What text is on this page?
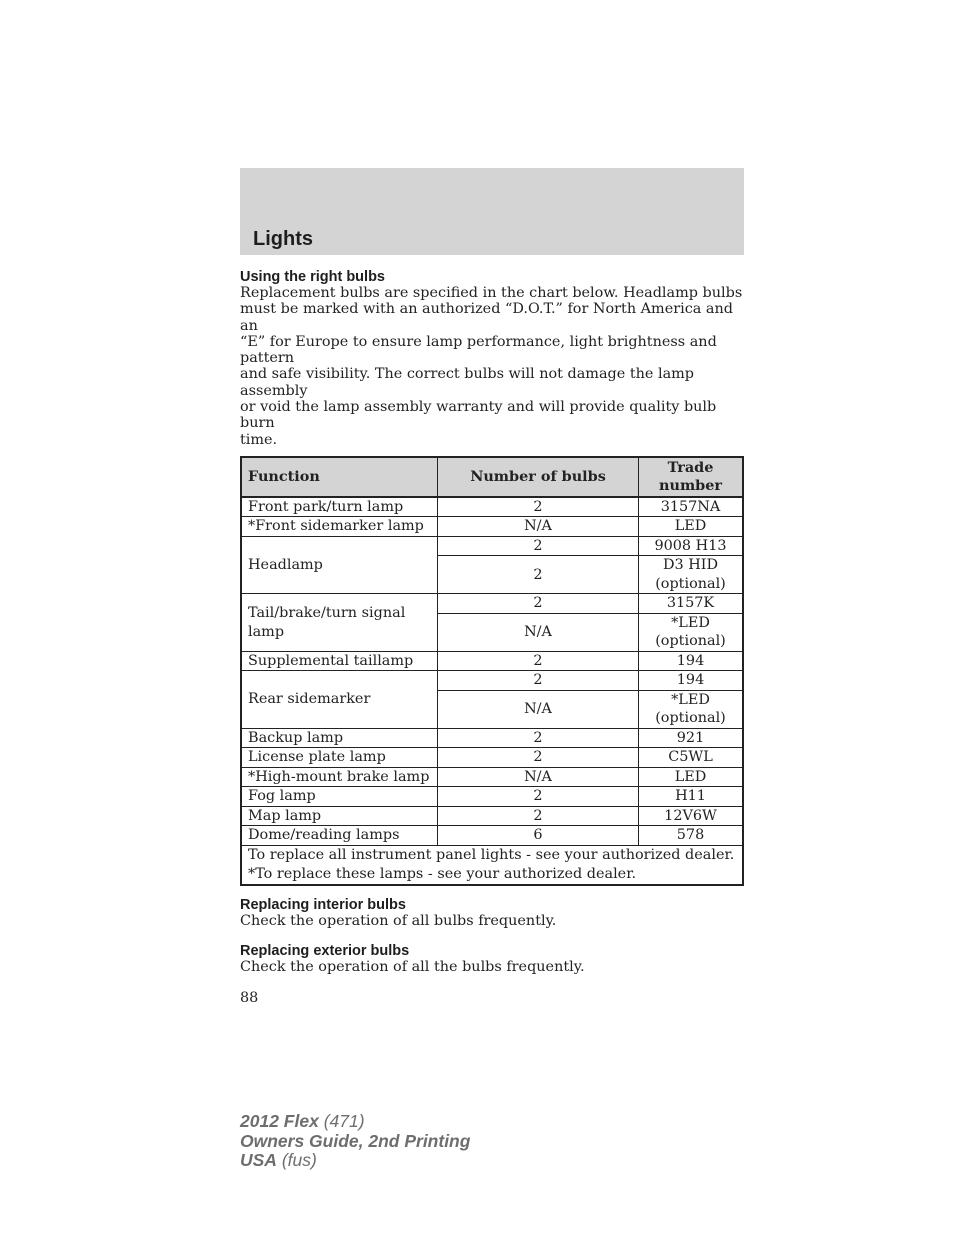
Lights
Using the right bulbs

Replacement bulbs are specified in the chart below. Headlamp bulbs
must be marked with an authorized “D.O.T.” for North America and an
“E” for Europe to ensure lamp performance, light brightness and pattern
and safe visibility. The correct bulbs will not damage the lamp assembly
or void the lamp assembly warranty and will provide quality bulb burn
time.

Function	Number of bulbs	Trade number
Front park/turn lamp	2	3157NA
*Front sidemarker lamp	N/A	LED
Headlamp	2	9008 H13
	2	D3 HID
(optional)
Tail/brake/turn signal lamp	2	3157K
	N/A	*LED
(optional)
Supplemental taillamp	2	194
Rear sidemarker	2	194
	N/A	*LED
(optional)
Backup lamp	2	921
License plate lamp	2	C5WL
*High-mount brake lamp	N/A	LED
Fog lamp	2	H11
Map lamp	2	12V6W
Dome/reading lamps	6	578
To replace all instrument panel lights - see your authorized dealer.
*To replace these lamps - see your authorized dealer.		
Replacing interior bulbs

Check the operation of all bulbs frequently.

Replacing exterior bulbs

Check the operation of all the bulbs frequently.

88
2012 Flex (471)
Owners Guide, 2nd Printing
USA (fus)
